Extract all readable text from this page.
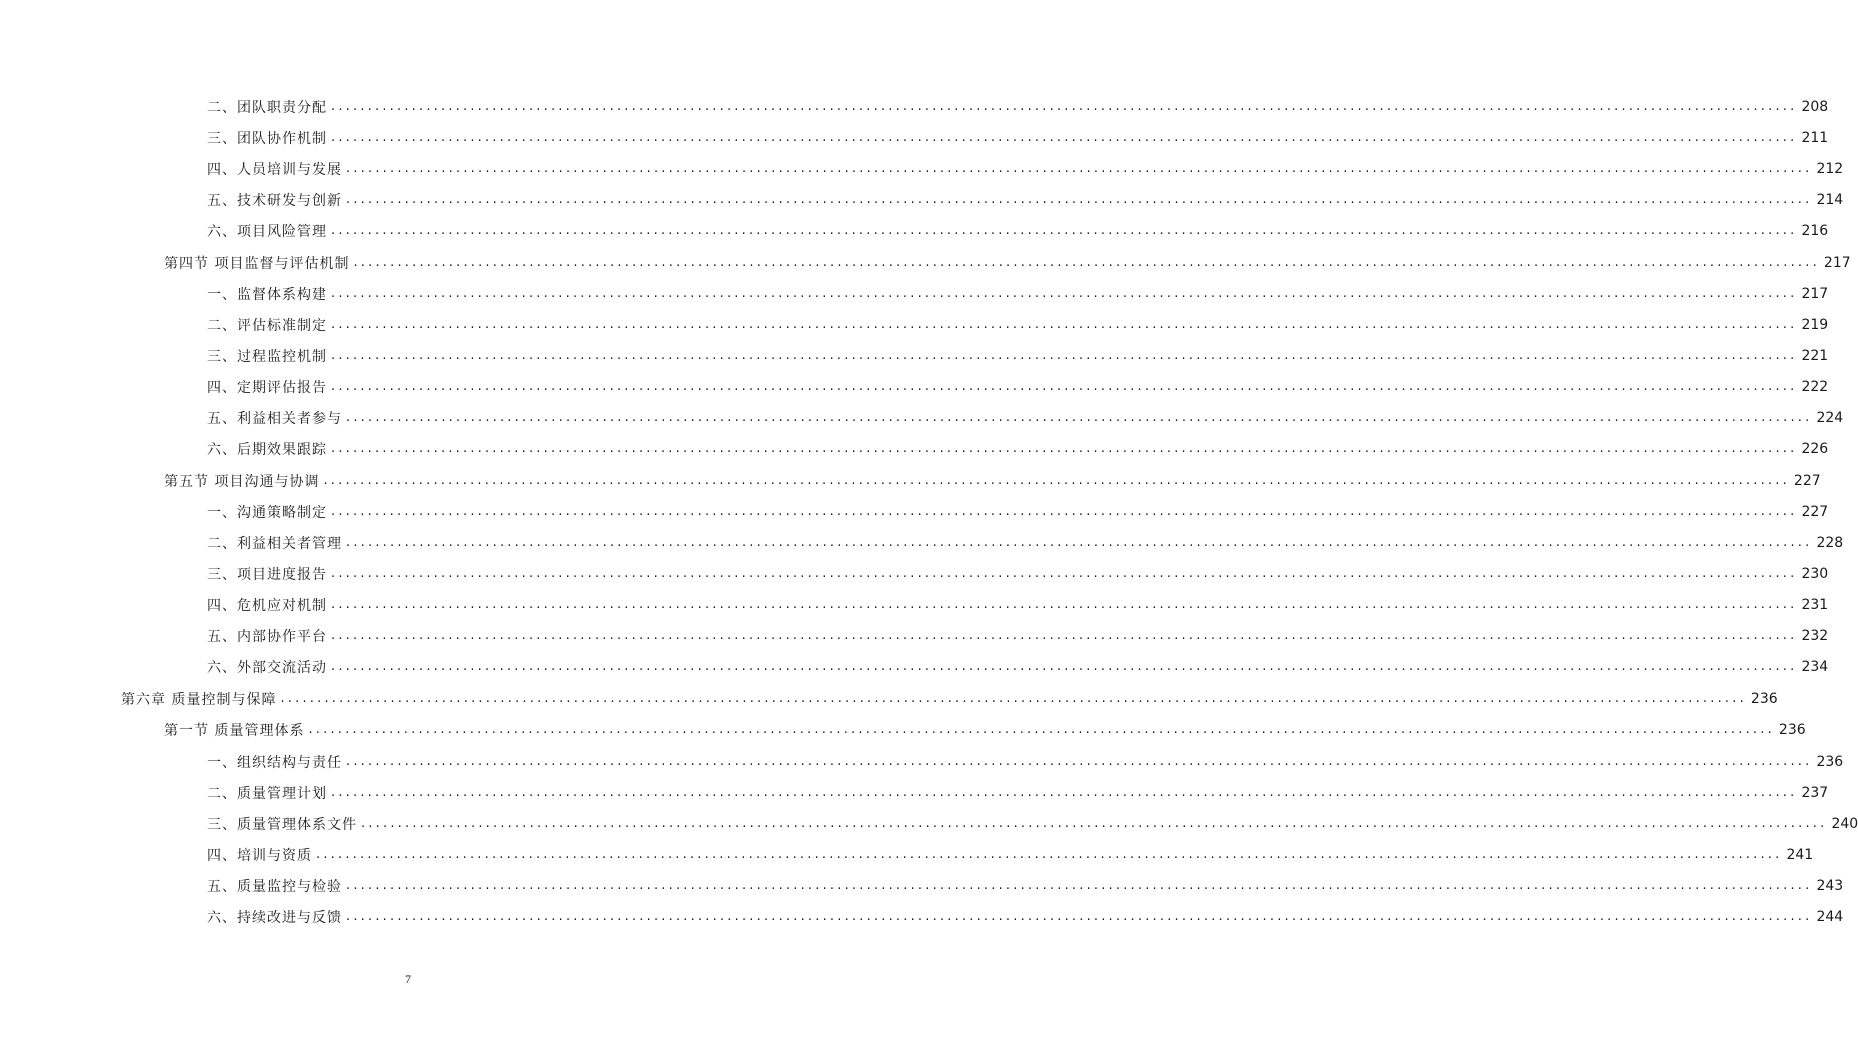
二、团队职责分配 ........................................................................................................................................................................................................ 208
三、团队协作机制 ........................................................................................................................................................................................................ 211
四、人员培训与发展 ........................................................................................................................................................................................................ 212
五、技术研发与创新 ........................................................................................................................................................................................................ 214
六、项目风险管理 ........................................................................................................................................................................................................ 216
第四节 项目监督与评估机制 ........................................................................................................................................................................................................ 217
一、监督体系构建 ........................................................................................................................................................................................................ 217
二、评估标准制定 ........................................................................................................................................................................................................ 219
三、过程监控机制 ........................................................................................................................................................................................................ 221
四、定期评估报告 ........................................................................................................................................................................................................ 222
五、利益相关者参与 ........................................................................................................................................................................................................ 224
六、后期效果跟踪 ........................................................................................................................................................................................................ 226
第五节 项目沟通与协调 ........................................................................................................................................................................................................ 227
一、沟通策略制定 ........................................................................................................................................................................................................ 227
二、利益相关者管理 ........................................................................................................................................................................................................ 228
三、项目进度报告 ........................................................................................................................................................................................................ 230
四、危机应对机制 ........................................................................................................................................................................................................ 231
五、内部协作平台 ........................................................................................................................................................................................................ 232
六、外部交流活动 ........................................................................................................................................................................................................ 234
第六章 质量控制与保障 ........................................................................................................................................................................................................ 236
第一节 质量管理体系 ........................................................................................................................................................................................................ 236
一、组织结构与责任 ........................................................................................................................................................................................................ 236
二、质量管理计划 ........................................................................................................................................................................................................ 237
三、质量管理体系文件 ........................................................................................................................................................................................................ 240
四、培训与资质 ........................................................................................................................................................................................................ 241
五、质量监控与检验 ........................................................................................................................................................................................................ 243
六、持续改进与反馈 ........................................................................................................................................................................................................ 244
7
